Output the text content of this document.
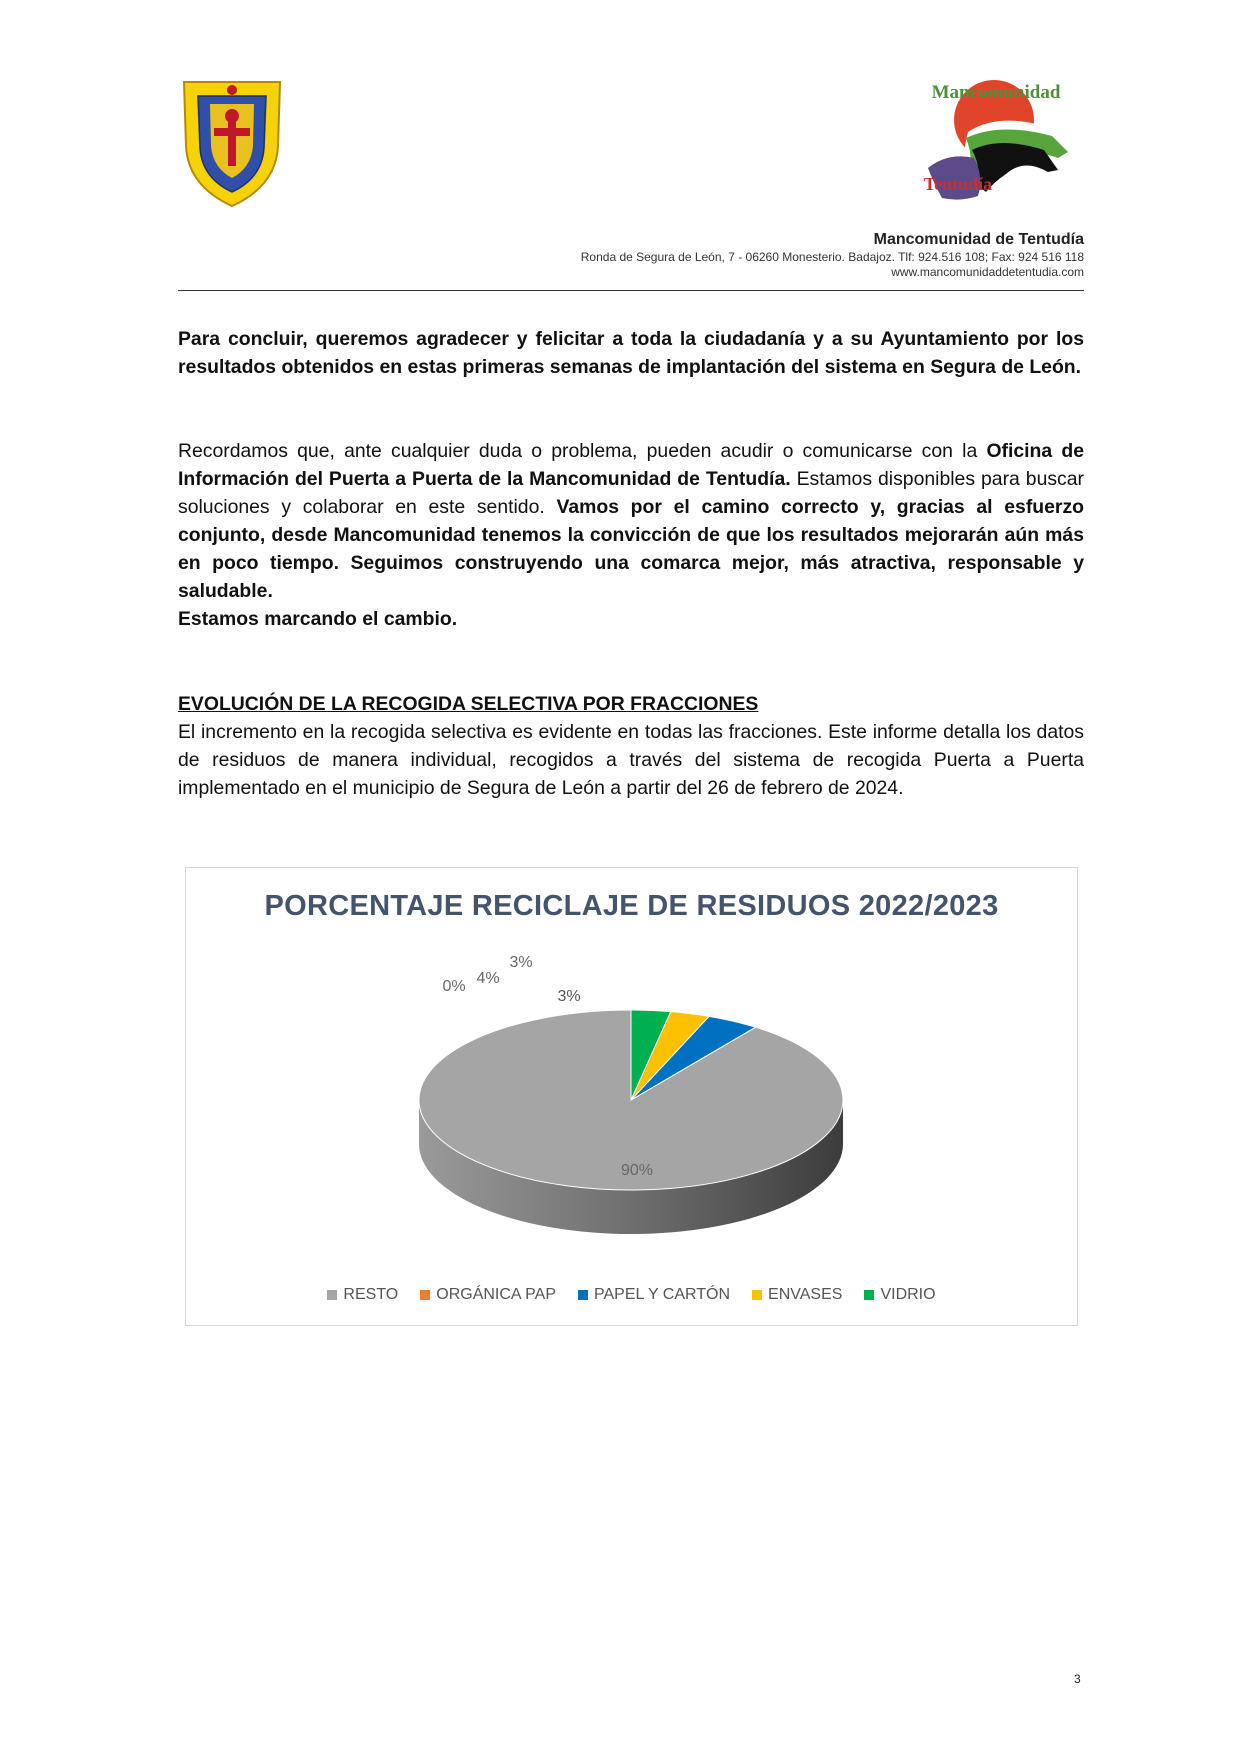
Mancomunidad
Tentudía
Mancomunidad de Tentudía
Ronda de Segura de León, 7 - 06260 Monesterio. Badajoz. Tlf: 924.516 108; Fax: 924 516 118
www.mancomunidaddetentudia.com
Para concluir, queremos agradecer y felicitar a toda la ciudadanía y a su Ayuntamiento por los resultados obtenidos en estas primeras semanas de implantación del sistema en Segura de León.
Recordamos que, ante cualquier duda o problema, pueden acudir o comunicarse con la Oficina de Información del Puerta a Puerta de la Mancomunidad de Tentudía. Estamos disponibles para buscar soluciones y colaborar en este sentido. Vamos por el camino correcto y, gracias al esfuerzo conjunto, desde Mancomunidad tenemos la convicción de que los resultados mejorarán aún más en poco tiempo. Seguimos construyendo una comarca mejor, más atractiva, responsable y saludable.
Estamos marcando el cambio.
EVOLUCIÓN DE LA RECOGIDA SELECTIVA POR FRACCIONES
El incremento en la recogida selectiva es evidente en todas las fracciones. Este informe detalla los datos de residuos de manera individual, recogidos a través del sistema de recogida Puerta a Puerta implementado en el municipio de Segura de León a partir del 26 de febrero de 2024.
PORCENTAJE RECICLAJE DE RESIDUOS 2022/2023
90%
0% 4%
3%
3%
RESTO ORGÁNICA PAP PAPEL Y CARTÓN ENVASES VIDRIO
3
